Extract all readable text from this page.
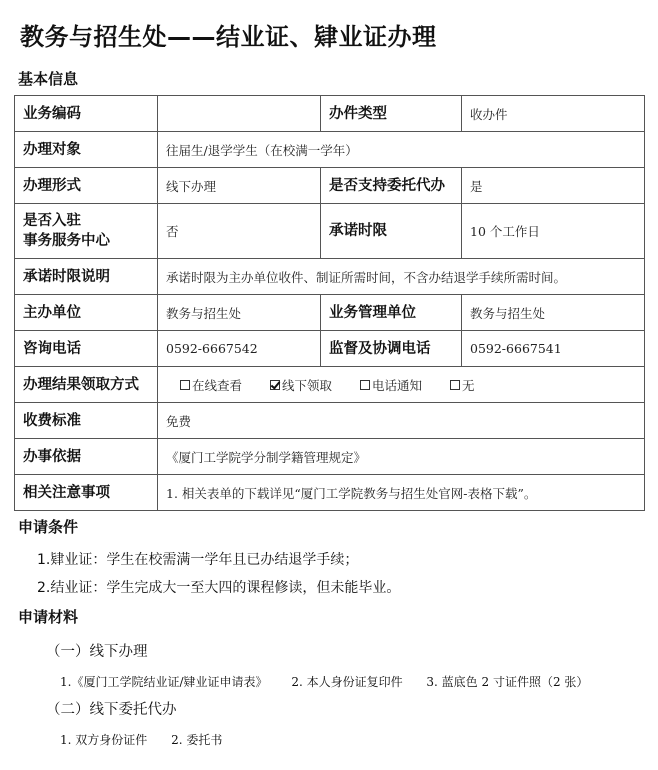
教务与招生处——结业证、肄业证办理
基本信息
业务编码		办件类型	收办件
办理对象	往届生/退学学生（在校满一学年）		
办理形式	线下办理	是否支持委托代办	是

是否入驻
事务服务中心	否	承诺时限	10 个工作日
承诺时限说明	承诺时限为主办单位收件、制证所需时间，不含办结退学手续所需时间。		
主办单位	教务与招生处	业务管理单位	教务与招生处
咨询电话	0592-6667542	监督及协调电话	0592-6667541
办理结果领取方式	在线查看
线下领取
电话通知
无		

收费标准	免费		
办事依据	《厦门工学院学分制学籍管理规定》		
相关注意事项	1. 相关表单的下载详见“厦门工学院教务与招生处官网-表格下载”。		
申请条件
1.肄业证：学生在校需满一学年且已办结退学手续；
2.结业证：学生完成大一至大四的课程修读，但未能毕业。
申请材料
（一）线下办理
1.《厦门工学院结业证/肄业证申请表》 2. 本人身份证复印件 3. 蓝底色 2 寸证件照（2 张）
（二）线下委托代办
1. 双方身份证件 2. 委托书
